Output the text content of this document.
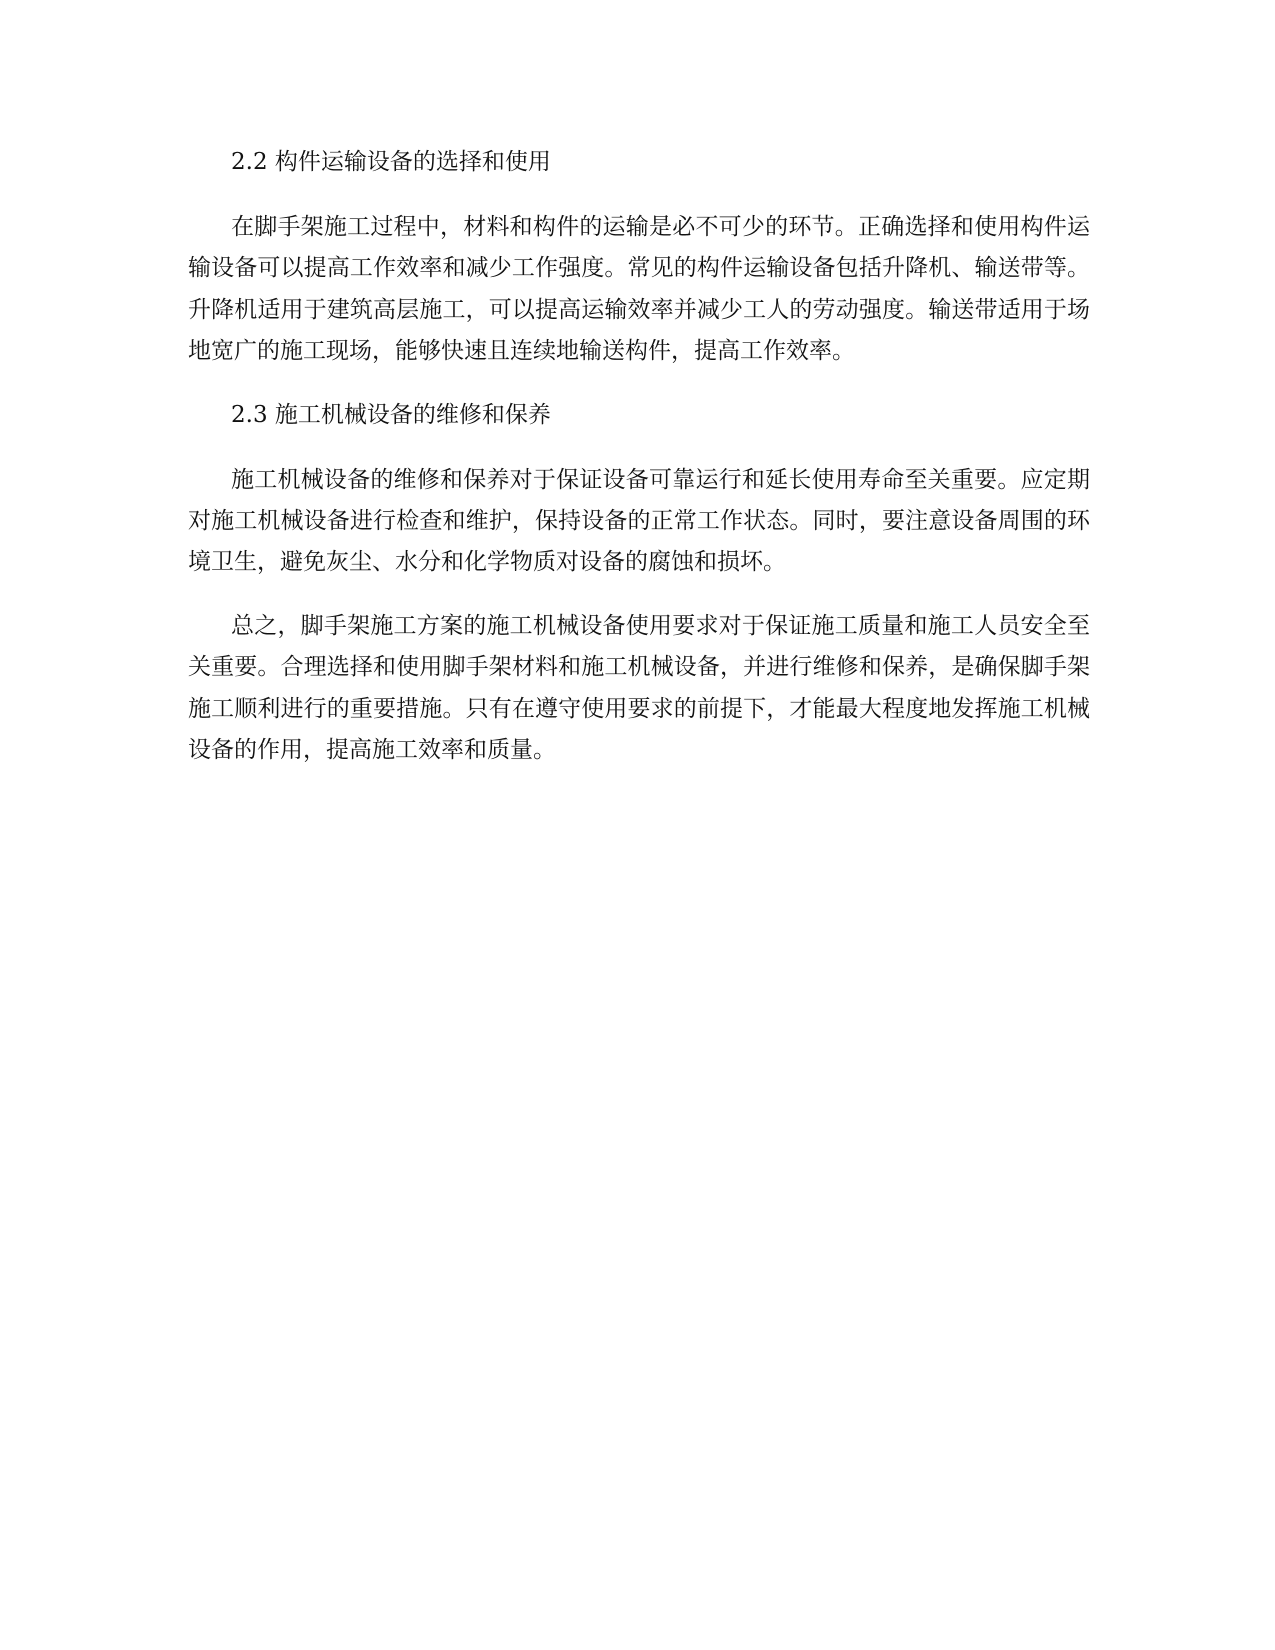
2.2 构件运输设备的选择和使用

在脚手架施工过程中，材料和构件的运输是必不可少的环节。正确选择和使用构件运输设备可以提高工作效率和减少工作强度。常见的构件运输设备包括升降机、输送带等。升降机适用于建筑高层施工，可以提高运输效率并减少工人的劳动强度。输送带适用于场地宽广的施工现场，能够快速且连续地输送构件，提高工作效率。

2.3 施工机械设备的维修和保养

施工机械设备的维修和保养对于保证设备可靠运行和延长使用寿命至关重要。应定期对施工机械设备进行检查和维护，保持设备的正常工作状态。同时，要注意设备周围的环境卫生，避免灰尘、水分和化学物质对设备的腐蚀和损坏。

总之，脚手架施工方案的施工机械设备使用要求对于保证施工质量和施工人员安全至关重要。合理选择和使用脚手架材料和施工机械设备，并进行维修和保养，是确保脚手架施工顺利进行的重要措施。只有在遵守使用要求的前提下，才能最大程度地发挥施工机械设备的作用，提高施工效率和质量。
